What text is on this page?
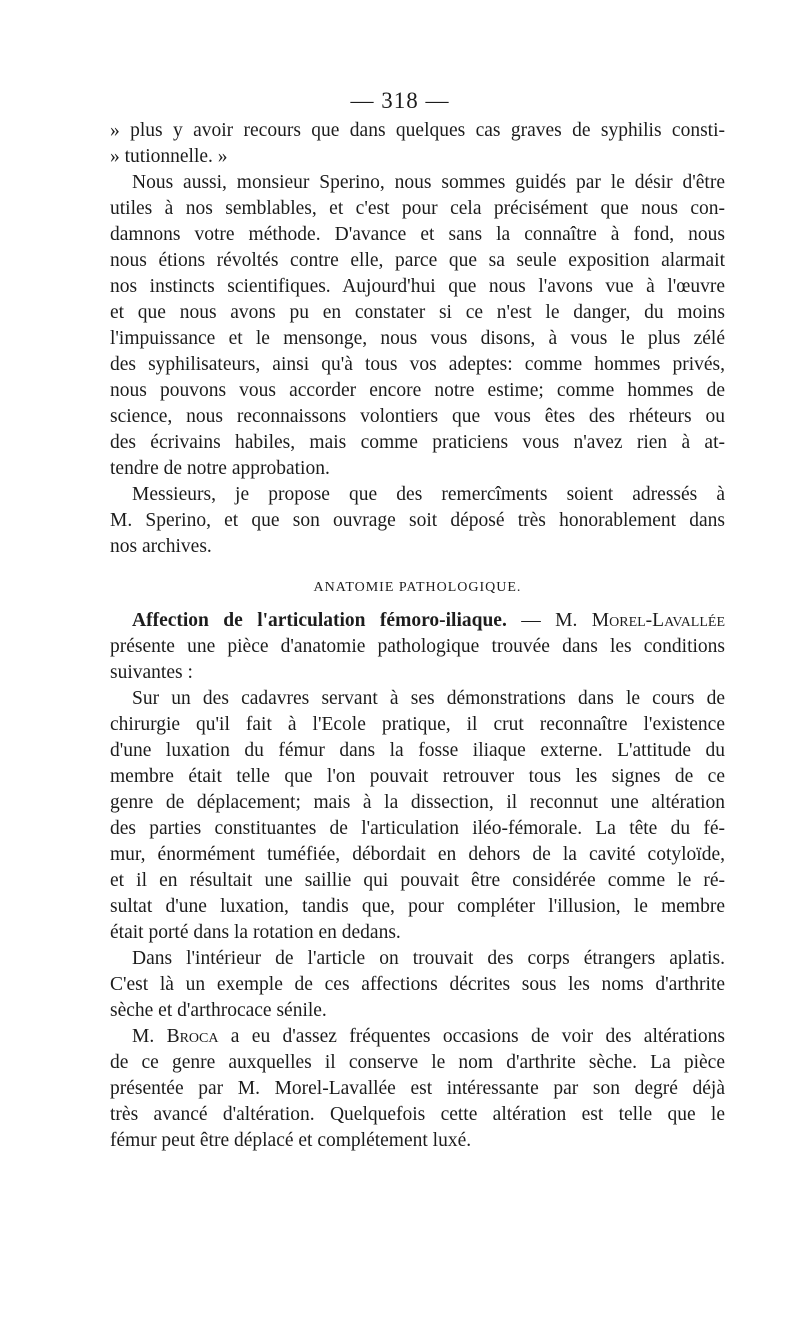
— 318 —
» plus y avoir recours que dans quelques cas graves de syphilis consti-
» tutionnelle. »
Nous aussi, monsieur Sperino, nous sommes guidés par le désir d'être
utiles à nos semblables, et c'est pour cela précisément que nous con-
damnons votre méthode. D'avance et sans la connaître à fond, nous
nous étions révoltés contre elle, parce que sa seule exposition alarmait
nos instincts scientifiques. Aujourd'hui que nous l'avons vue à l'œuvre
et que nous avons pu en constater si ce n'est le danger, du moins
l'impuissance et le mensonge, nous vous disons, à vous le plus zélé
des syphilisateurs, ainsi qu'à tous vos adeptes: comme hommes privés,
nous pouvons vous accorder encore notre estime; comme hommes de
science, nous reconnaissons volontiers que vous êtes des rhéteurs ou
des écrivains habiles, mais comme praticiens vous n'avez rien à at-
tendre de notre approbation.
Messieurs, je propose que des remercîments soient adressés à
M. Sperino, et que son ouvrage soit déposé très honorablement dans
nos archives.
ANATOMIE PATHOLOGIQUE.
Affection de l'articulation fémoro-iliaque. — M. Morel-Lavallée
présente une pièce d'anatomie pathologique trouvée dans les conditions
suivantes :
Sur un des cadavres servant à ses démonstrations dans le cours de
chirurgie qu'il fait à l'Ecole pratique, il crut reconnaître l'existence
d'une luxation du fémur dans la fosse iliaque externe. L'attitude du
membre était telle que l'on pouvait retrouver tous les signes de ce
genre de déplacement; mais à la dissection, il reconnut une altération
des parties constituantes de l'articulation iléo-fémorale. La tête du fé-
mur, énormément tuméfiée, débordait en dehors de la cavité cotyloïde,
et il en résultait une saillie qui pouvait être considérée comme le ré-
sultat d'une luxation, tandis que, pour compléter l'illusion, le membre
était porté dans la rotation en dedans.
Dans l'intérieur de l'article on trouvait des corps étrangers aplatis.
C'est là un exemple de ces affections décrites sous les noms d'arthrite
sèche et d'arthrocace sénile.
M. Broca a eu d'assez fréquentes occasions de voir des altérations
de ce genre auxquelles il conserve le nom d'arthrite sèche. La pièce
présentée par M. Morel-Lavallée est intéressante par son degré déjà
très avancé d'altération. Quelquefois cette altération est telle que le
fémur peut être déplacé et complétement luxé.
